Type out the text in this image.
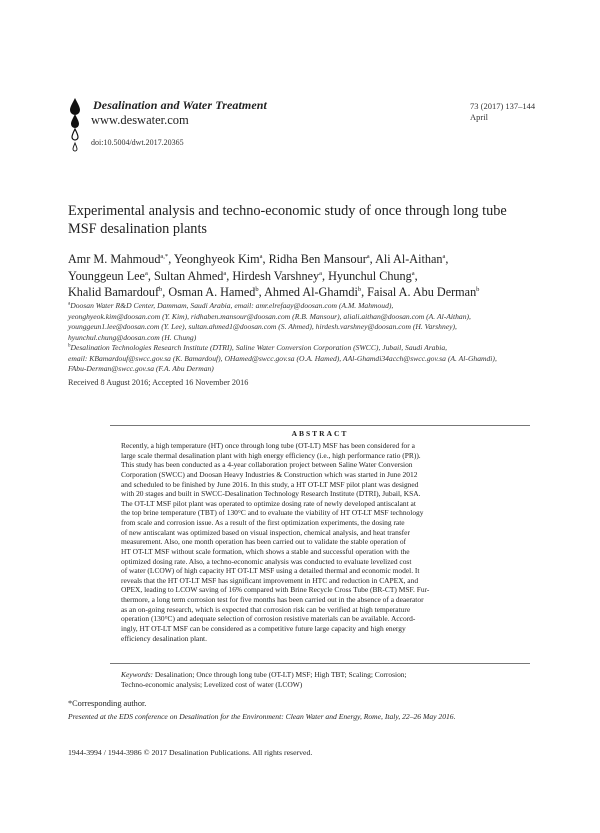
Desalination and Water Treatment
www.deswater.com
doi:10.5004/dwt.2017.20365
73 (2017) 137–144
April
Experimental analysis and techno-economic study of once through long tube
MSF desalination plants
Amr M. Mahmoud$^{a,*}$, Yeonghyeok Kim$^a$, Ridha Ben Mansour$^a$, Ali Al-Aithan$^a$,
Younggeun Lee$^a$, Sultan Ahmed$^a$, Hirdesh Varshney$^a$, Hyunchul Chung$^a$,
Khalid Bamardouf$^b$, Osman A. Hamed$^b$, Ahmed Al-Ghamdi$^b$, Faisal A. Abu Derman$^b$
$^a$Doosan Water R&D Center, Dammam, Saudi Arabia, email: amr.elrefaay@doosan.com (A.M. Mahmoud),
yeonghyeok.kim@doosan.com (Y. Kim), ridhaben.mansour@doosan.com (R.B. Mansour), aliali.aithan@doosan.com (A. Al-Aithan),
younggeun1.lee@doosan.com (Y. Lee), sultan.ahmed1@doosan.com (S. Ahmed), hirdesh.varshney@doosan.com (H. Varshney),
hyunchul.chung@doosan.com (H. Chung)
$^b$Desalination Technologies Research Institute (DTRI), Saline Water Conversion Corporation (SWCC), Jubail, Saudi Arabia,
email: KBamardouf@swcc.gov.sa (K. Bamardouf), OHamed@swcc.gov.sa (O.A. Hamed), AAl-Ghamdi34acch@swcc.gov.sa (A. Al-Ghamdi),
FAbu-Derman@swcc.gov.sa (F.A. Abu Derman)
Received 8 August 2016; Accepted 16 November 2016
ABSTRACT
Recently, a high temperature (HT) once through long tube (OT-LT) MSF has been considered for a
large scale thermal desalination plant with high energy efficiency (i.e., high performance ratio (PR)).
This study has been conducted as a 4-year collaboration project between Saline Water Conversion
Corporation (SWCC) and Doosan Heavy Industries & Construction which was started in June 2012
and scheduled to be finished by June 2016. In this study, a HT OT-LT MSF pilot plant was designed
with 20 stages and built in SWCC-Desalination Technology Research Institute (DTRI), Jubail, KSA.
The OT-LT MSF pilot plant was operated to optimize dosing rate of newly developed antiscalant at
the top brine temperature (TBT) of 130°C and to evaluate the viability of HT OT-LT MSF technology
from scale and corrosion issue. As a result of the first optimization experiments, the dosing rate
of new antiscalant was optimized based on visual inspection, chemical analysis, and heat transfer
measurement. Also, one month operation has been carried out to validate the stable operation of
HT OT-LT MSF without scale formation, which shows a stable and successful operation with the
optimized dosing rate. Also, a techno-economic analysis was conducted to evaluate levelized cost
of water (LCOW) of high capacity HT OT-LT MSF using a detailed thermal and economic model. It
reveals that the HT OT-LT MSF has significant improvement in HTC and reduction in CAPEX, and
OPEX, leading to LCOW saving of 16% compared with Brine Recycle Cross Tube (BR-CT) MSF. Fur-
thermore, a long term corrosion test for five months has been carried out in the absence of a deaerator
as an on-going research, which is expected that corrosion risk can be verified at high temperature
operation (130°C) and adequate selection of corrosion resistive materials can be available. Accord-
ingly, HT OT-LT MSF can be considered as a competitive future large capacity and high energy
efficiency desalination plant.
Keywords: Desalination; Once through long tube (OT-LT) MSF; High TBT; Scaling; Corrosion;
Techno-economic analysis; Levelized cost of water (LCOW)
*Corresponding author.
Presented at the EDS conference on Desalination for the Environment: Clean Water and Energy, Rome, Italy, 22–26 May 2016.
1944-3994 / 1944-3986 © 2017 Desalination Publications. All rights reserved.
